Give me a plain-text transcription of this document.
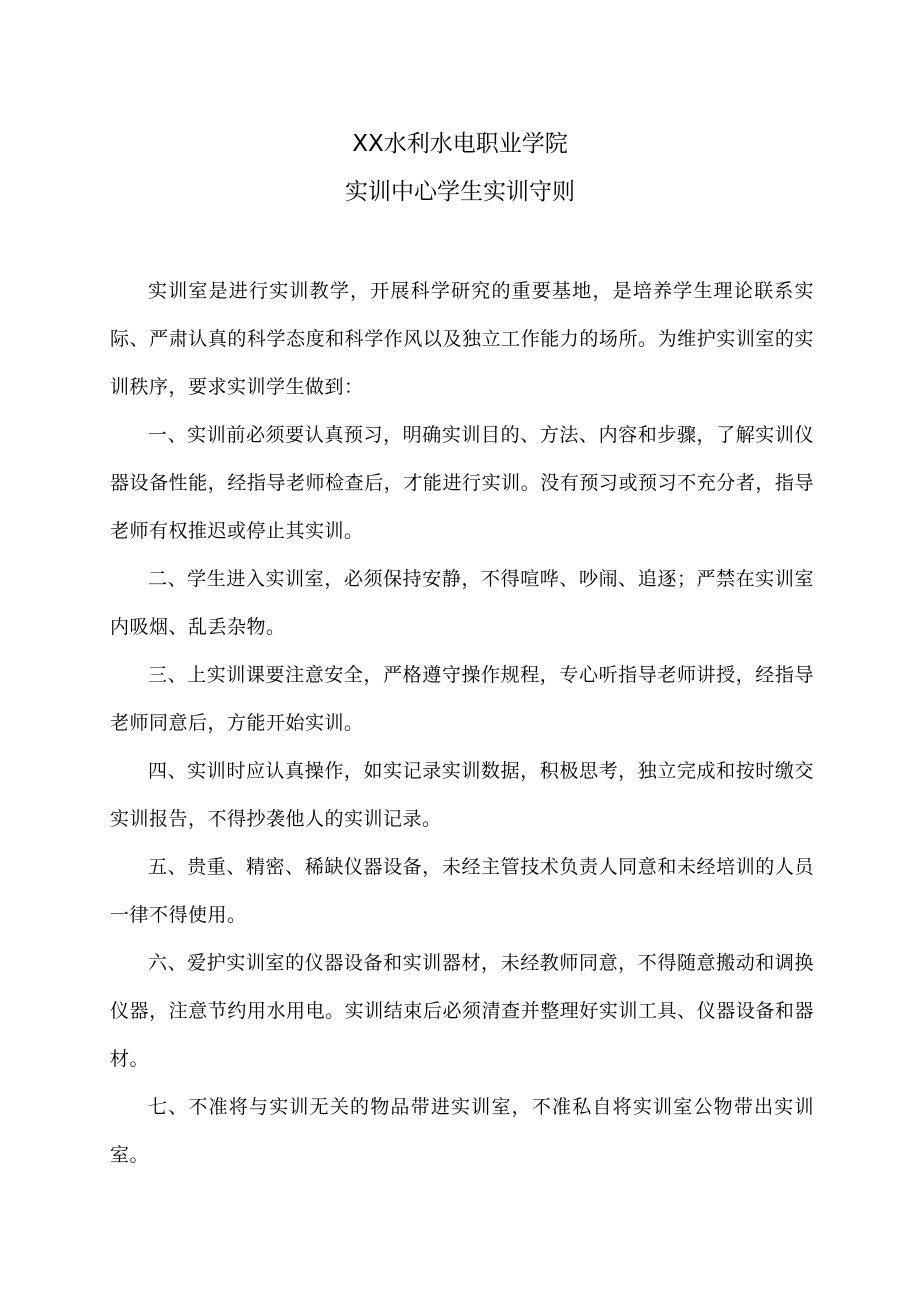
XX水利水电职业学院
实训中心学生实训守则

实训室是进行实训教学，开展科学研究的重要基地，是培养学生理论联系实际、严肃认真的科学态度和科学作风以及独立工作能力的场所。为维护实训室的实训秩序，要求实训学生做到：

一、实训前必须要认真预习，明确实训目的、方法、内容和步骤，了解实训仪器设备性能，经指导老师检查后，才能进行实训。没有预习或预习不充分者，指导老师有权推迟或停止其实训。

二、学生进入实训室，必须保持安静，不得喧哗、吵闹、追逐；严禁在实训室内吸烟、乱丢杂物。

三、上实训课要注意安全，严格遵守操作规程，专心听指导老师讲授，经指导老师同意后，方能开始实训。

四、实训时应认真操作，如实记录实训数据，积极思考，独立完成和按时缴交实训报告，不得抄袭他人的实训记录。

五、贵重、精密、稀缺仪器设备，未经主管技术负责人同意和未经培训的人员一律不得使用。

六、爱护实训室的仪器设备和实训器材，未经教师同意，不得随意搬动和调换仪器，注意节约用水用电。实训结束后必须清查并整理好实训工具、仪器设备和器材。

七、不准将与实训无关的物品带进实训室，不准私自将实训室公物带出实训室。
